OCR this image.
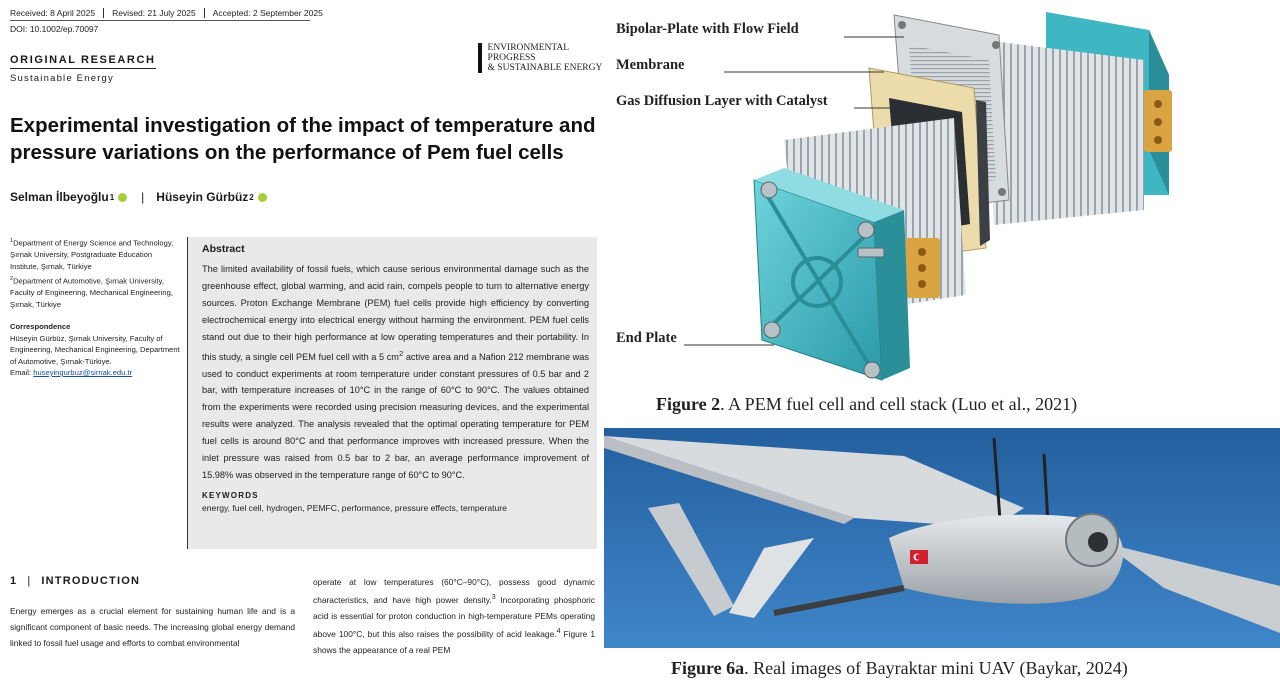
Received: 8 April 2025	Revised: 21 July 2025	Accepted: 2 September 2025
DOI: 10.1002/ep.70097
ORIGINAL RESEARCH
Sustainable Energy
ENVIRONMENTAL PROGRESS
& SUSTAINABLE ENERGY
Experimental investigation of the impact of temperature and pressure variations on the performance of Pem fuel cells
Selman İlbeyoğlu 1 | Hüseyin Gürbüz 2
$^1$Department of Energy Science and Technology, Şırnak University, Postgraduate Education Institute, Şırnak, Türkiye
$^2$Department of Automotive, Şırnak University, Faculty of Engineering, Mechanical Engineering, Şırnak, Türkiye
Correspondence
Hüseyin Gürbüz, Şırnak University, Faculty of Engineering, Mechanical Engineering, Department of Automotive, Şırnak-Türkiye.
Email: huseyingurbuz@sirnak.edu.tr
Abstract

The limited availability of fossil fuels, which cause serious environmental damage such as the greenhouse effect, global warming, and acid rain, compels people to turn to alternative energy sources. Proton Exchange Membrane (PEM) fuel cells provide high efficiency by converting electrochemical energy into electrical energy without harming the environment. PEM fuel cells stand out due to their high performance at low operating temperatures and their portability. In this study, a single cell PEM fuel cell with a 5 $cm^2$ active area and a Nafion 212 membrane was used to conduct experiments at room temperature under constant pressures of 0.5 bar and 2 bar, with temperature increases of 10°C in the range of 60°C to 90°C. The values obtained from the experiments were recorded using precision measuring devices, and the experimental results were analyzed. The analysis revealed that the optimal operating temperature for PEM fuel cells is around 80°C and that performance improves with increased pressure. When the inlet pressure was raised from 0.5 bar to 2 bar, an average performance improvement of 15.98% was observed in the temperature range of 60°C to 90°C.

KEYWORDS
energy, fuel cell, hydrogen, PEMFC, performance, pressure effects, temperature
1 | INTRODUCTION
Energy emerges as a crucial element for sustaining human life and is a significant component of basic needs. The increasing global energy demand linked to fossil fuel usage and efforts to combat environmental
operate at low temperatures (60°C–90°C), possess good dynamic characteristics, and have high power density.$^3$ Incorporating phosphoric acid is essential for proton conduction in high-temperature PEMs operating above 100°C, but this also raises the possibility of acid leakage.$^4$ Figure 1 shows the appearance of a real PEM
Bipolar-Plate with Flow Field
Membrane
Gas Diffusion Layer with Catalyst
End Plate
Figure 2. A PEM fuel cell and cell stack (Luo et al., 2021)
Figure 6a. Real images of Bayraktar mini UAV (Baykar, 2024)
